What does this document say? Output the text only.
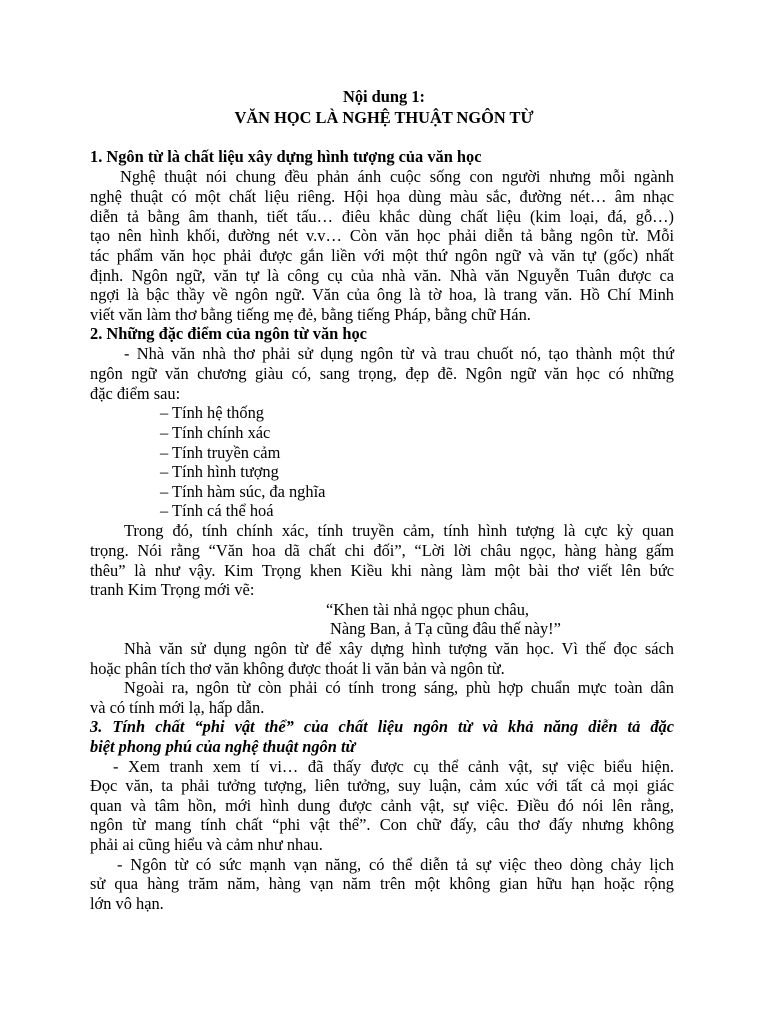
Nội dung 1:
VĂN HỌC LÀ NGHỆ THUẬT NGÔN TỪ
1. Ngôn từ là chất liệu xây dựng hình tượng của văn học
Nghệ thuật nói chung đều phản ánh cuộc sống con người nhưng mỗi ngành
nghệ thuật có một chất liệu riêng. Hội họa dùng màu sắc, đường nét… âm nhạc
diễn tả bằng âm thanh, tiết tấu… điêu khắc dùng chất liệu (kim loại, đá, gỗ…)
tạo nên hình khối, đường nét v.v… Còn văn học phải diễn tả bằng ngôn từ. Mỗi
tác phẩm văn học phải được gắn liền với một thứ ngôn ngữ và văn tự (gốc) nhất
định. Ngôn ngữ, văn tự là công cụ của nhà văn. Nhà văn Nguyễn Tuân được ca
ngợi là bậc thầy về ngôn ngữ. Văn của ông là tờ hoa, là trang văn. Hồ Chí Minh
viết văn làm thơ bằng tiếng mẹ đẻ, bằng tiếng Pháp, bằng chữ Hán.
2. Những đặc điểm của ngôn từ văn học
- Nhà văn nhà thơ phải sử dụng ngôn từ và trau chuốt nó, tạo thành một thứ
ngôn ngữ văn chương giàu có, sang trọng, đẹp đẽ. Ngôn ngữ văn học có những
đặc điểm sau:
– Tính hệ thống
– Tính chính xác
– Tính truyền cảm
– Tính hình tượng
– Tính hàm súc, đa nghĩa
– Tính cá thể hoá
Trong đó, tính chính xác, tính truyền cảm, tính hình tượng là cực kỳ quan
trọng. Nói rằng “Văn hoa dã chất chi đối”, “Lời lời châu ngọc, hàng hàng gấm
thêu” là như vậy. Kim Trọng khen Kiều khi nàng làm một bài thơ viết lên bức
tranh Kim Trọng mới vẽ:
“Khen tài nhả ngọc phun châu,
Nàng Ban, ả Tạ cũng đâu thế này!”
Nhà văn sử dụng ngôn từ để xây dựng hình tượng văn học. Vì thế đọc sách
hoặc phân tích thơ văn không được thoát li văn bản và ngôn từ.
Ngoài ra, ngôn từ còn phải có tính trong sáng, phù hợp chuẩn mực toàn dân
và có tính mới lạ, hấp dẫn.
3. Tính chất “phi vật thể” của chất liệu ngôn từ và khả năng diễn tả đặc
biệt phong phú của nghệ thuật ngôn từ
- Xem tranh xem tí vi… đã thấy được cụ thể cảnh vật, sự việc biểu hiện.
Đọc văn, ta phải tưởng tượng, liên tưởng, suy luận, cảm xúc với tất cả mọi giác
quan và tâm hồn, mới hình dung được cảnh vật, sự việc. Điều đó nói lên rằng,
ngôn từ mang tính chất “phi vật thể”. Con chữ đấy, câu thơ đấy nhưng không
phải ai cũng hiểu và cảm như nhau.
- Ngôn từ có sức mạnh vạn năng, có thể diễn tả sự việc theo dòng chảy lịch
sử qua hàng trăm năm, hàng vạn năm trên một không gian hữu hạn hoặc rộng
lớn vô hạn.
